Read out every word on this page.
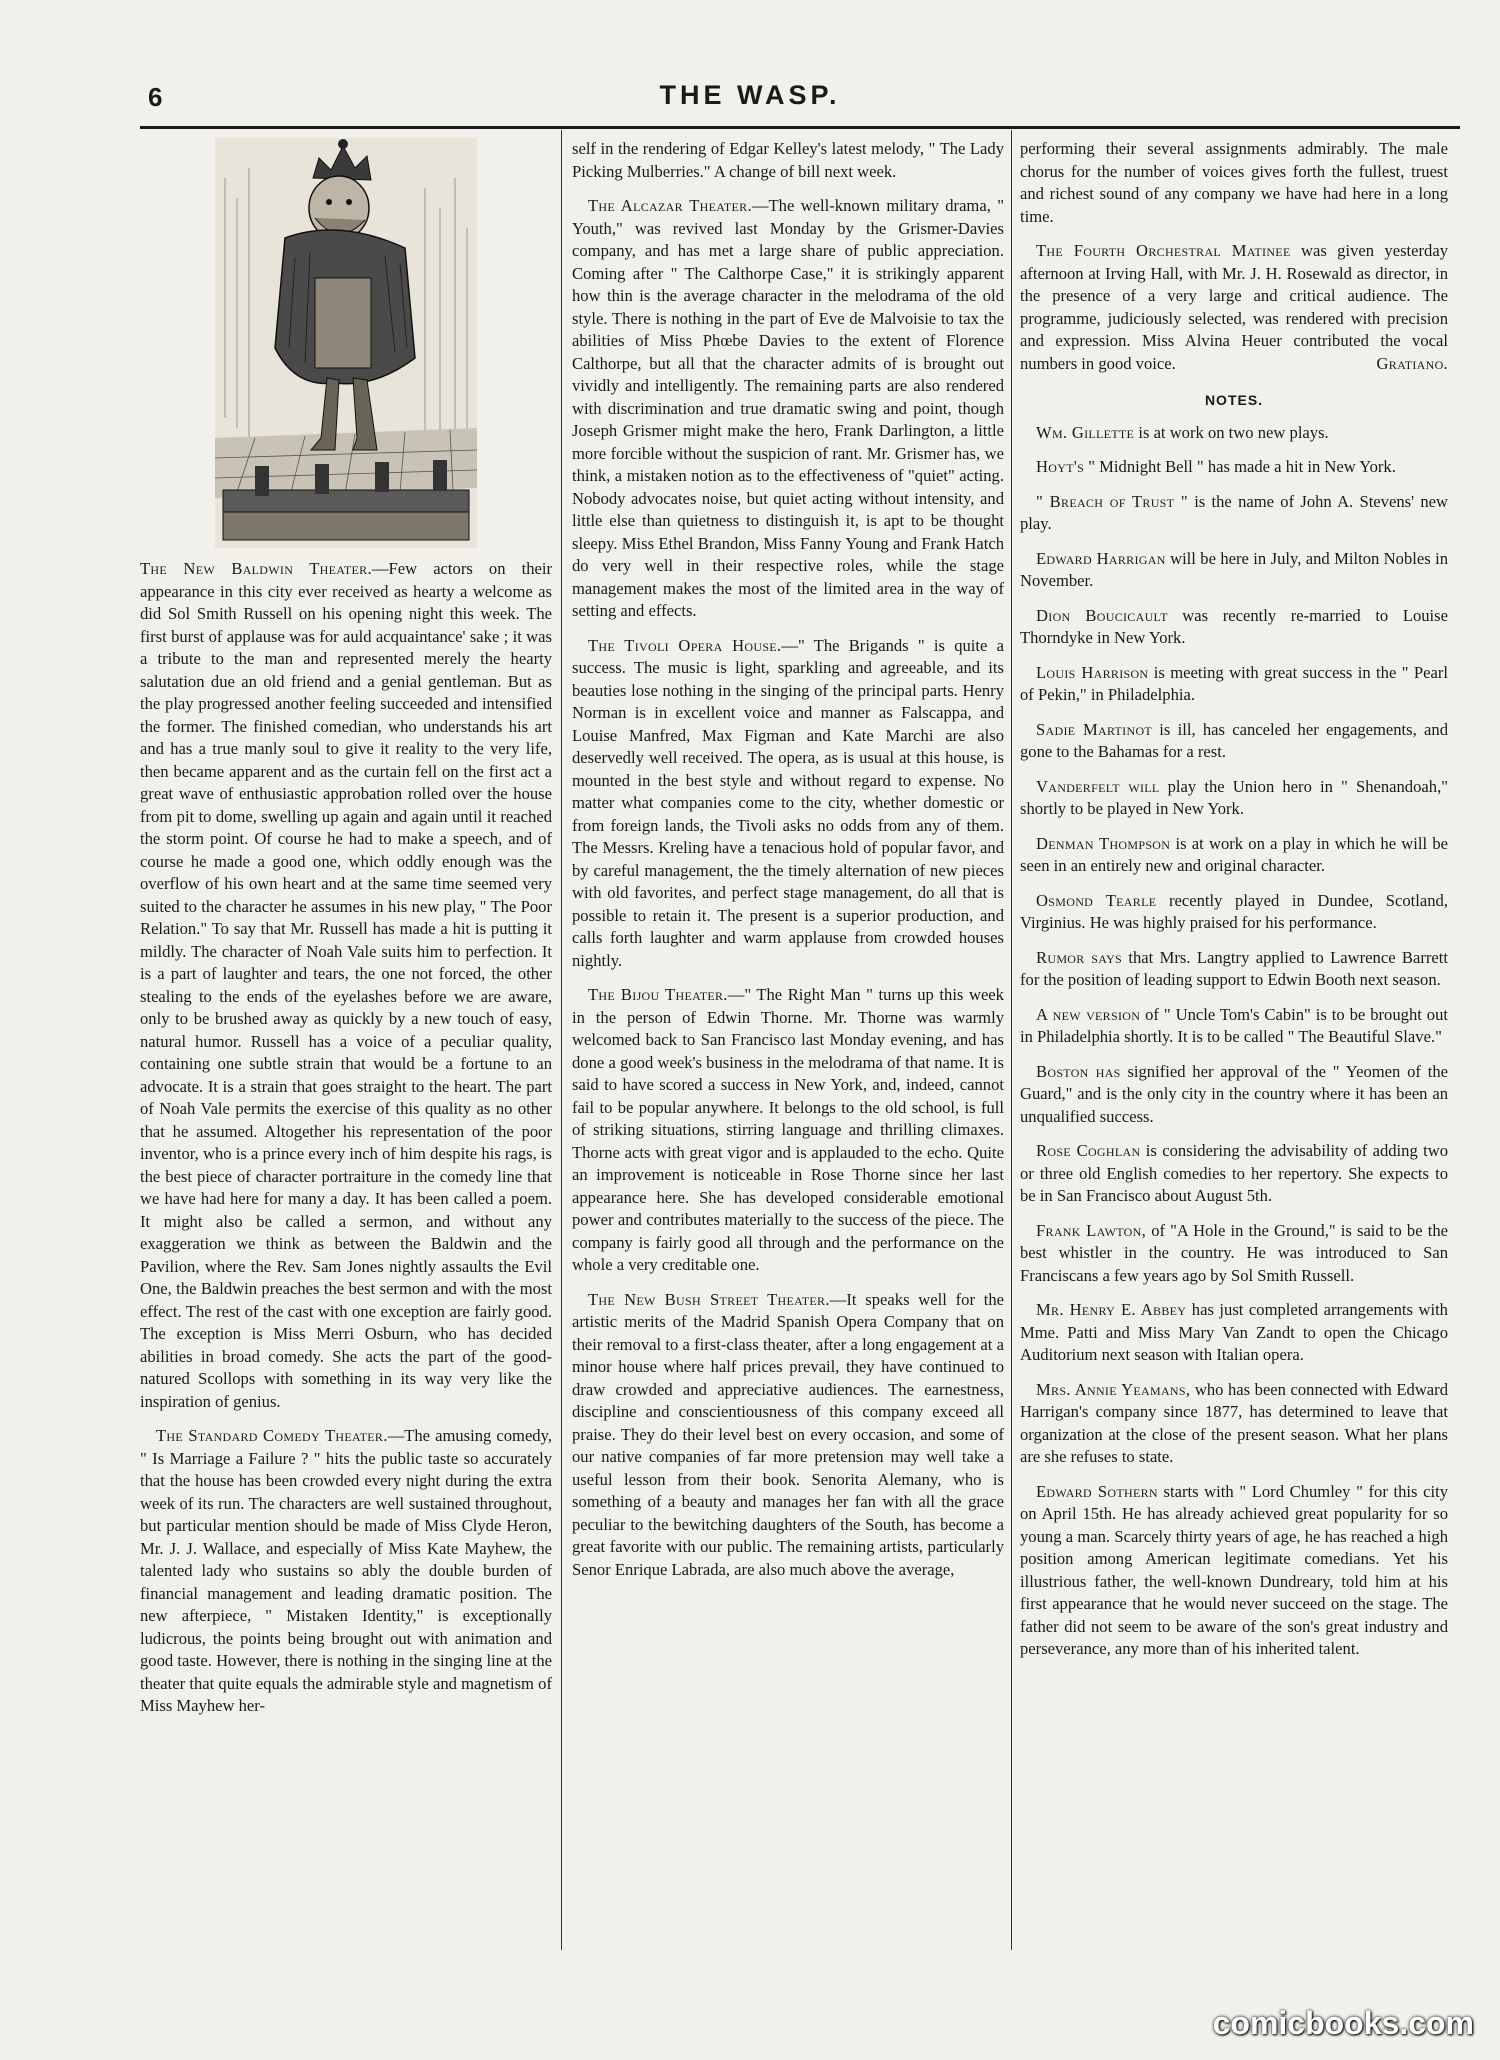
6	THE WASP.

The New Baldwin Theater.—Few actors on their appearance in this city ever received as hearty a welcome as did Sol Smith Russell on his opening night this week. The first burst of applause was for auld acquaintance' sake ; it was a tribute to the man and represented merely the hearty salutation due an old friend and a genial gentleman. But as the play progressed another feeling succeeded and intensified the former. The finished comedian, who understands his art and has a true manly soul to give it reality to the very life, then became apparent and as the curtain fell on the first act a great wave of enthusiastic approbation rolled over the house from pit to dome, swelling up again and again until it reached the storm point. Of course he had to make a speech, and of course he made a good one, which oddly enough was the overflow of his own heart and at the same time seemed very suited to the character he assumes in his new play, " The Poor Relation." To say that Mr. Russell has made a hit is putting it mildly. The character of Noah Vale suits him to perfection. It is a part of laughter and tears, the one not forced, the other stealing to the ends of the eyelashes before we are aware, only to be brushed away as quickly by a new touch of easy, natural humor. Russell has a voice of a peculiar quality, containing one subtle strain that would be a fortune to an advocate. It is a strain that goes straight to the heart. The part of Noah Vale permits the exercise of this quality as no other that he assumed. Altogether his representation of the poor inventor, who is a prince every inch of him despite his rags, is the best piece of character portraiture in the comedy line that we have had here for many a day. It has been called a poem. It might also be called a sermon, and without any exaggeration we think as between the Baldwin and the Pavilion, where the Rev. Sam Jones nightly assaults the Evil One, the Baldwin preaches the best sermon and with the most effect. The rest of the cast with one exception are fairly good. The exception is Miss Merri Osburn, who has decided abilities in broad comedy. She acts the part of the good-natured Scollops with something in its way very like the inspiration of genius.

The Standard Comedy Theater.—The amusing comedy, " Is Marriage a Failure ? " hits the public taste so accurately that the house has been crowded every night during the extra week of its run. The characters are well sustained throughout, but particular mention should be made of Miss Clyde Heron, Mr. J. J. Wallace, and especially of Miss Kate Mayhew, the talented lady who sustains so ably the double burden of financial management and leading dramatic position. The new afterpiece, " Mistaken Identity," is exceptionally ludicrous, the points being brought out with animation and good taste. However, there is nothing in the singing line at the theater that quite equals the admirable style and magnetism of Miss Mayhew her-

self in the rendering of Edgar Kelley's latest melody, " The Lady Picking Mulberries." A change of bill next week.

The Alcazar Theater.—The well-known military drama, " Youth," was revived last Monday by the Grismer-Davies company, and has met a large share of public appreciation. Coming after " The Calthorpe Case," it is strikingly apparent how thin is the average character in the melodrama of the old style. There is nothing in the part of Eve de Malvoisie to tax the abilities of Miss Phœbe Davies to the extent of Florence Calthorpe, but all that the character admits of is brought out vividly and intelligently. The remaining parts are also rendered with discrimination and true dramatic swing and point, though Joseph Grismer might make the hero, Frank Darlington, a little more forcible without the suspicion of rant. Mr. Grismer has, we think, a mistaken notion as to the effectiveness of "quiet" acting. Nobody advocates noise, but quiet acting without intensity, and little else than quietness to distinguish it, is apt to be thought sleepy. Miss Ethel Brandon, Miss Fanny Young and Frank Hatch do very well in their respective roles, while the stage management makes the most of the limited area in the way of setting and effects.

The Tivoli Opera House.—" The Brigands " is quite a success. The music is light, sparkling and agreeable, and its beauties lose nothing in the singing of the principal parts. Henry Norman is in excellent voice and manner as Falscappa, and Louise Manfred, Max Figman and Kate Marchi are also deservedly well received. The opera, as is usual at this house, is mounted in the best style and without regard to expense. No matter what companies come to the city, whether domestic or from foreign lands, the Tivoli asks no odds from any of them. The Messrs. Kreling have a tenacious hold of popular favor, and by careful management, the the timely alternation of new pieces with old favorites, and perfect stage management, do all that is possible to retain it. The present is a superior production, and calls forth laughter and warm applause from crowded houses nightly.

The Bijou Theater.—" The Right Man " turns up this week in the person of Edwin Thorne. Mr. Thorne was warmly welcomed back to San Francisco last Monday evening, and has done a good week's business in the melodrama of that name. It is said to have scored a success in New York, and, indeed, cannot fail to be popular anywhere. It belongs to the old school, is full of striking situations, stirring language and thrilling climaxes. Thorne acts with great vigor and is applauded to the echo. Quite an improvement is noticeable in Rose Thorne since her last appearance here. She has developed considerable emotional power and contributes materially to the success of the piece. The company is fairly good all through and the performance on the whole a very creditable one.

The New Bush Street Theater.—It speaks well for the artistic merits of the Madrid Spanish Opera Company that on their removal to a first-class theater, after a long engagement at a minor house where half prices prevail, they have continued to draw crowded and appreciative audiences. The earnestness, discipline and conscientiousness of this company exceed all praise. They do their level best on every occasion, and some of our native companies of far more pretension may well take a useful lesson from their book. Senorita Alemany, who is something of a beauty and manages her fan with all the grace peculiar to the bewitching daughters of the South, has become a great favorite with our public. The remaining artists, particularly Senor Enrique Labrada, are also much above the average,

performing their several assignments admirably. The male chorus for the number of voices gives forth the fullest, truest and richest sound of any company we have had here in a long time.

The Fourth Orchestral Matinee was given yesterday afternoon at Irving Hall, with Mr. J. H. Rosewald as director, in the presence of a very large and critical audience. The programme, judiciously selected, was rendered with precision and expression. Miss Alvina Heuer contributed the vocal numbers in good voice.	Gratiano.

NOTES.

Wm. Gillette is at work on two new plays.

Hoyt's " Midnight Bell " has made a hit in New York.

" Breach of Trust " is the name of John A. Stevens' new play.

Edward Harrigan will be here in July, and Milton Nobles in November.

Dion Boucicault was recently re-married to Louise Thorndyke in New York.

Louis Harrison is meeting with great success in the " Pearl of Pekin," in Philadelphia.

Sadie Martinot is ill, has canceled her engagements, and gone to the Bahamas for a rest.

Vanderfelt will play the Union hero in " Shenandoah," shortly to be played in New York.

Denman Thompson is at work on a play in which he will be seen in an entirely new and original character.

Osmond Tearle recently played in Dundee, Scotland, Virginius. He was highly praised for his performance.

Rumor says that Mrs. Langtry applied to Lawrence Barrett for the position of leading support to Edwin Booth next season.

A new version of " Uncle Tom's Cabin" is to be brought out in Philadelphia shortly. It is to be called " The Beautiful Slave."

Boston has signified her approval of the " Yeomen of the Guard," and is the only city in the country where it has been an unqualified success.

Rose Coghlan is considering the advisability of adding two or three old English comedies to her repertory. She expects to be in San Francisco about August 5th.

Frank Lawton, of "A Hole in the Ground," is said to be the best whistler in the country. He was introduced to San Franciscans a few years ago by Sol Smith Russell.

Mr. Henry E. Abbey has just completed arrangements with Mme. Patti and Miss Mary Van Zandt to open the Chicago Auditorium next season with Italian opera.

Mrs. Annie Yeamans, who has been connected with Edward Harrigan's company since 1877, has determined to leave that organization at the close of the present season. What her plans are she refuses to state.

Edward Sothern starts with " Lord Chumley " for this city on April 15th. He has already achieved great popularity for so young a man. Scarcely thirty years of age, he has reached a high position among American legitimate comedians. Yet his illustrious father, the well-known Dundreary, told him at his first appearance that he would never succeed on the stage. The father did not seem to be aware of the son's great industry and perseverance, any more than of his inherited talent.

comicbooks.com
